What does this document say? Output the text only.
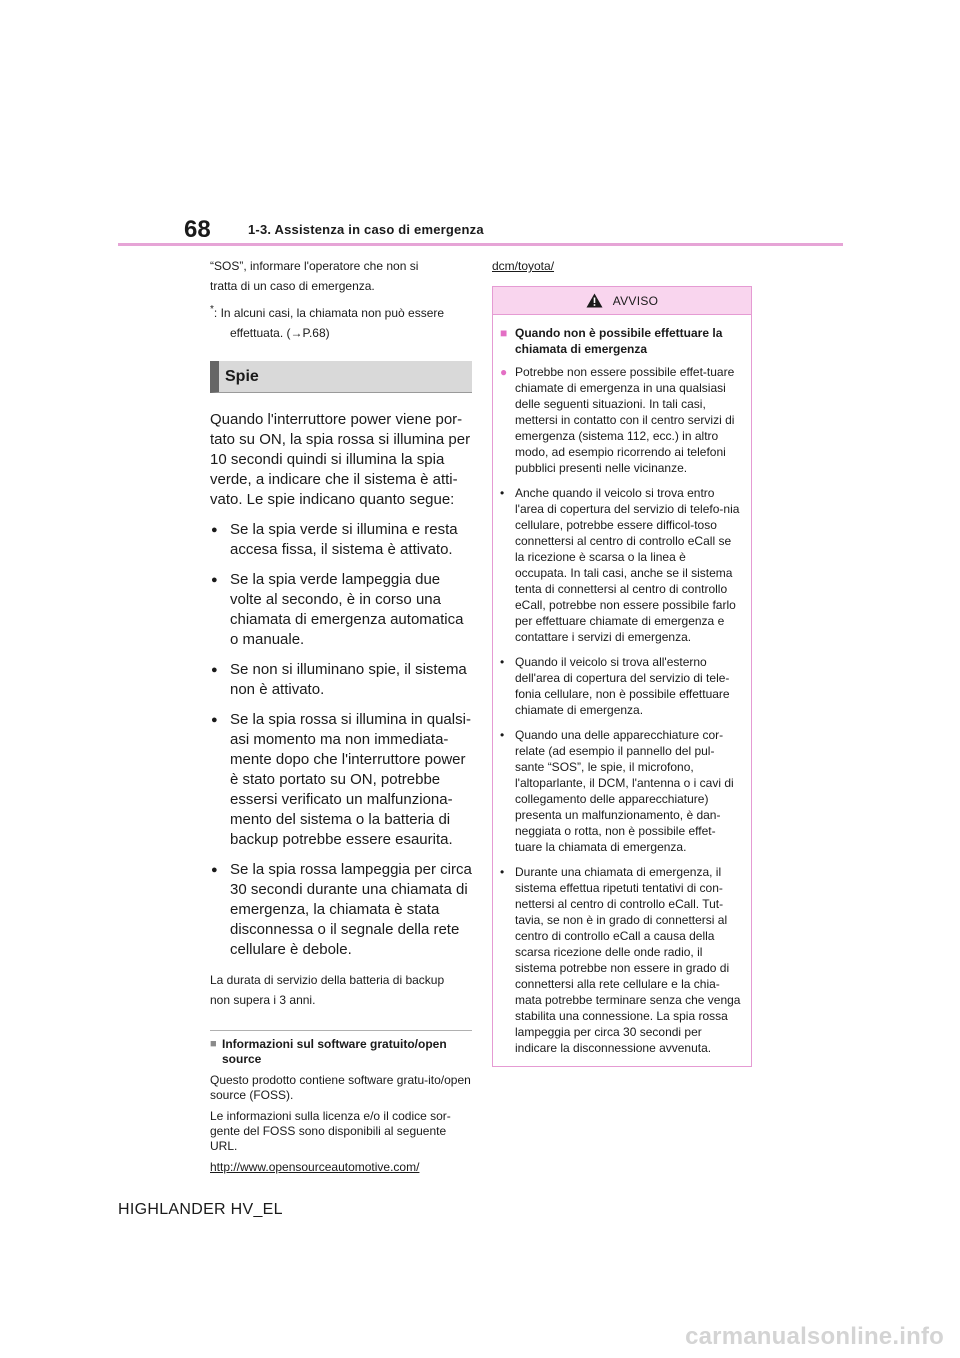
68	1-3. Assistenza in caso di emergenza

“SOS”, informare l'operatore che non si

tratta di un caso di emergenza.

*: In alcuni casi, la chiamata non può essere
effettuata. (→P.68)

Spie

Quando l'interruttore power viene por-tato su ON, la spia rossa si illumina per 10 secondi quindi si illumina la spia verde, a indicare che il sistema è atti-vato. Le spie indicano quanto segue:

● Se la spia verde si illumina e resta accesa fissa, il sistema è attivato.
● Se la spia verde lampeggia due volte al secondo, è in corso una chiamata di emergenza automatica o manuale.
● Se non si illuminano spie, il sistema non è attivato.
● Se la spia rossa si illumina in qualsi-asi momento ma non immediata-mente dopo che l'interruttore power è stato portato su ON, potrebbe essersi verificato un malfunziona-mento del sistema o la batteria di backup potrebbe essere esaurita.
● Se la spia rossa lampeggia per circa 30 secondi durante una chiamata di emergenza, la chiamata è stata disconnessa o il segnale della rete cellulare è debole.

La durata di servizio della batteria di backup
non supera i 3 anni.

■ Informazioni sul software gratuito/open source

Questo prodotto contiene software gratu-ito/open source (FOSS).

Le informazioni sulla licenza e/o il codice sor-gente del FOSS sono disponibili al seguente URL.

http://www.opensourceautomotive.com/

dcm/toyota/

AVVISO
■ Quando non è possibile effettuare la chiamata di emergenza
● Potrebbe non essere possibile effet-tuare chiamate di emergenza in una qualsiasi delle seguenti situazioni. In tali casi, mettersi in contatto con il centro servizi di emergenza (sistema 112, ecc.) in altro modo, ad esempio ricorrendo ai telefoni pubblici presenti nelle vicinanze.
• Anche quando il veicolo si trova entro l'area di copertura del servizio di telefo-nia cellulare, potrebbe essere difficol-toso connettersi al centro di controllo eCall se la ricezione è scarsa o la linea è occupata. In tali casi, anche se il sistema tenta di connettersi al centro di controllo eCall, potrebbe non essere possibile farlo per effettuare chiamate di emergenza e contattare i servizi di emergenza.
• Quando il veicolo si trova all'esterno dell'area di copertura del servizio di tele-fonia cellulare, non è possibile effettuare chiamate di emergenza.
• Quando una delle apparecchiature cor-relate (ad esempio il pannello del pul-sante “SOS”, le spie, il microfono, l'altoparlante, il DCM, l'antenna o i cavi di collegamento delle apparecchiature) presenta un malfunzionamento, è dan-neggiata o rotta, non è possibile effet-tuare la chiamata di emergenza.
• Durante una chiamata di emergenza, il sistema effettua ripetuti tentativi di con-nettersi al centro di controllo eCall. Tut-tavia, se non è in grado di connettersi al centro di controllo eCall a causa della scarsa ricezione delle onde radio, il sistema potrebbe non essere in grado di connettersi alla rete cellulare e la chia-mata potrebbe terminare senza che venga stabilita una connessione. La spia rossa lampeggia per circa 30 secondi per indicare la disconnessione avvenuta.
HIGHLANDER HV_EL
carmanualsonline.info
